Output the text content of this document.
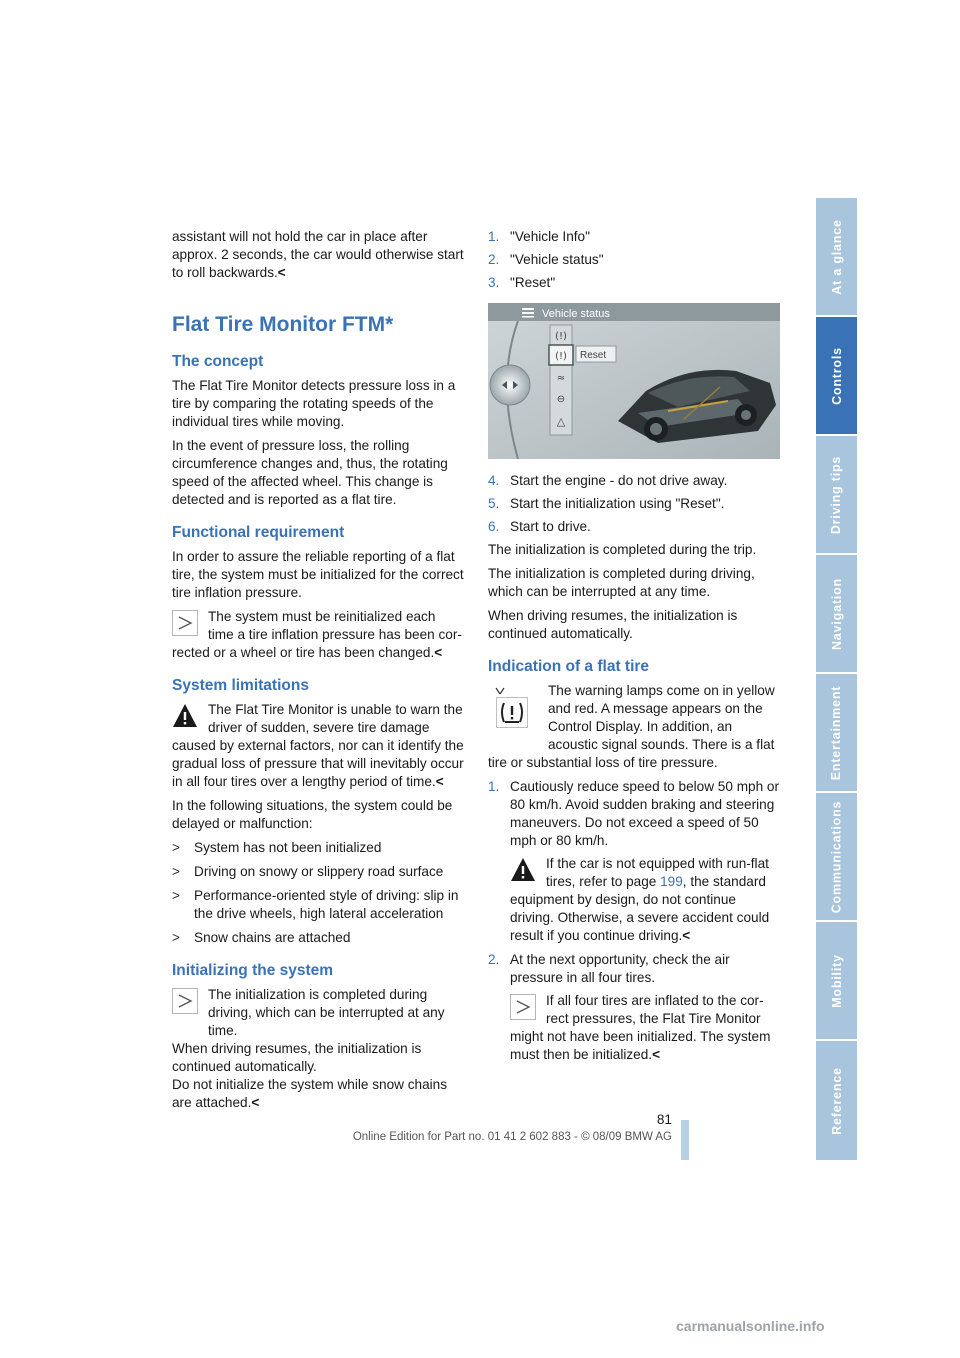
assistant will not hold the car in place after approx. 2 seconds, the car would otherwise start to roll backwards.<

Flat Tire Monitor FTM*
The concept

The Flat Tire Monitor detects pressure loss in a tire by comparing the rotating speeds of the individual tires while moving.

In the event of pressure loss, the rolling circumference changes and, thus, the rotating speed of the affected wheel. This change is detected and is reported as a flat tire.

Functional requirement

In order to assure the reliable reporting of a flat tire, the system must be initialized for the correct tire inflation pressure.

The system must be reinitialized each time a tire inflation pressure has been cor-
rected or a wheel or tire has been changed.<
System limitations
The Flat Tire Monitor is unable to warn the driver of sudden, severe tire damage
caused by external factors, nor can it identify the gradual loss of pressure that will inevitably occur in all four tires over a lengthy period of time.<

In the following situations, the system could be delayed or malfunction:

>	System has not been initialized
>	Driving on snowy or slippery road surface
>	Performance-oriented style of driving: slip in the drive wheels, high lateral acceleration
>	Snow chains are attached
Initializing the system
The initialization is completed during driving, which can be interrupted at any time.
When driving resumes, the initialization is continued automatically.
Do not initialize the system while snow chains are attached.<
1. "Vehicle Info"
2. "Vehicle status"
3. "Reset"
Vehicle status
(!)
(!)
≈
⊖
△
Reset
4. Start the engine - do not drive away.
5. Start the initialization using "Reset".
6. Start to drive.

The initialization is completed during the trip.

The initialization is completed during driving, which can be interrupted at any time.

When driving resumes, the initialization is continued automatically.

Indication of a flat tire
The warning lamps come on in yellow and red. A message appears on the Control Display. In addition, an acoustic signal sounds. There is a flat
tire or substantial loss of tire pressure.
1. Cautiously reduce speed to below 50 mph or 80 km/h. Avoid sudden braking and steering maneuvers. Do not exceed a speed of 50 mph or 80 km/h.
If the car is not equipped with run-flat tires, refer to page 199, the standard
equipment by design, do not continue driving. Otherwise, a severe accident could result if you continue driving.<
2. At the next opportunity, check the air pressure in all four tires.
If all four tires are inflated to the cor- rect pressures, the Flat Tire Monitor
might not have been initialized. The system must then be initialized.<
At a glance
Controls
Driving tips
Navigation
Entertainment
Communications
Mobility
Reference
81
Online Edition for Part no. 01 41 2 602 883 - © 08/09 BMW AG
carmanualsonline.info
